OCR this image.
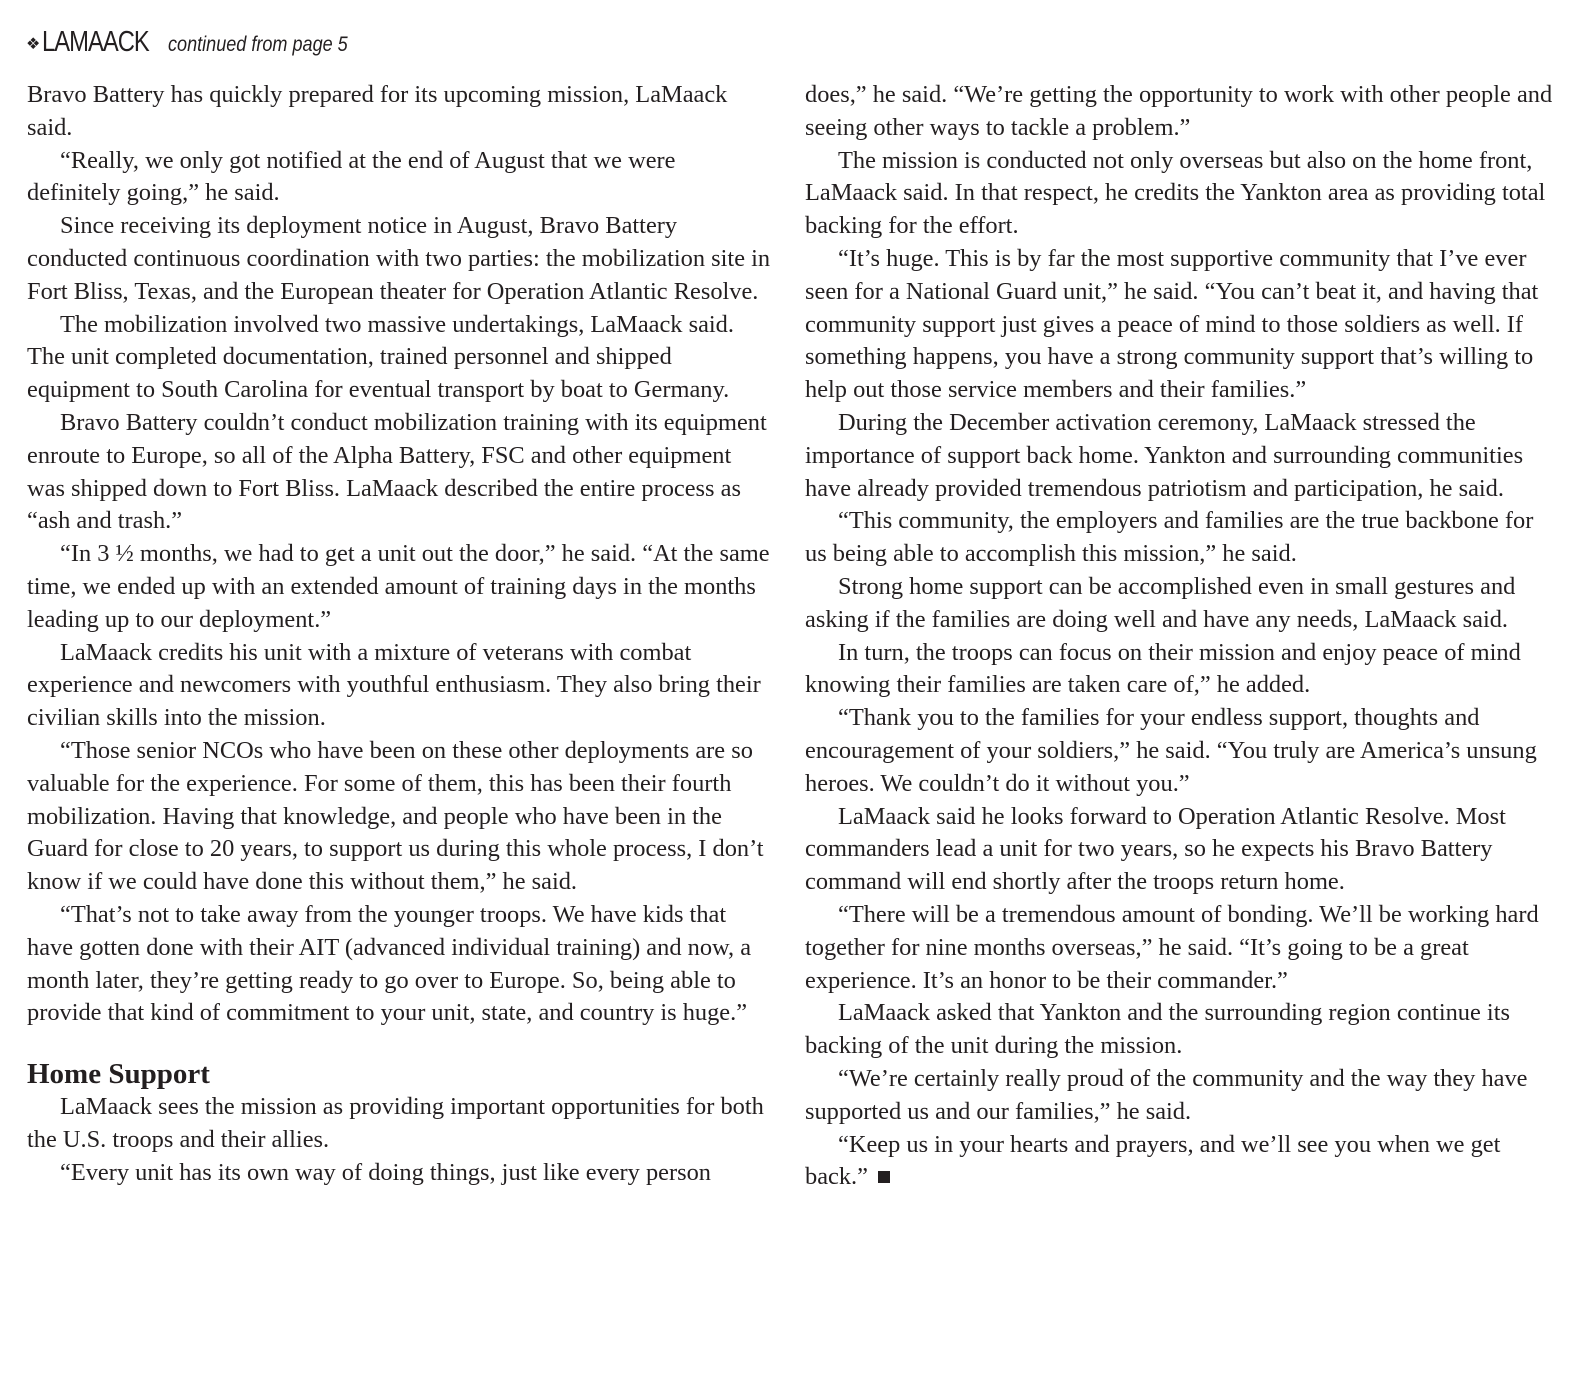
❖ LAMAACK continued from page 5

Bravo Battery has quickly prepared for its upcoming mission, LaMaack said.

“Really, we only got notified at the end of August that we were definitely going,” he said.

Since receiving its deployment notice in August, Bravo Battery conducted continuous coordination with two parties: the mobilization site in Fort Bliss, Texas, and the European theater for Operation Atlantic Resolve.

The mobilization involved two massive undertakings, LaMaack said. The unit completed documentation, trained personnel and shipped equipment to South Carolina for eventual transport by boat to Germany.

Bravo Battery couldn’t conduct mobilization training with its equipment enroute to Europe, so all of the Alpha Battery, FSC and other equipment was shipped down to Fort Bliss. LaMaack described the entire process as “ash and trash.”

“In 3 ½ months, we had to get a unit out the door,” he said. “At the same time, we ended up with an extended amount of training days in the months leading up to our deployment.”

LaMaack credits his unit with a mixture of veterans with combat experience and newcomers with youthful enthusiasm. They also bring their civilian skills into the mission.

“Those senior NCOs who have been on these other deployments are so valuable for the experience. For some of them, this has been their fourth mobilization. Having that knowledge, and people who have been in the Guard for close to 20 years, to support us during this whole process, I don’t know if we could have done this without them,” he said.

“That’s not to take away from the younger troops. We have kids that have gotten done with their AIT (advanced individual training) and now, a month later, they’re getting ready to go over to Europe. So, being able to provide that kind of commitment to your unit, state, and country is huge.”

Home Support

LaMaack sees the mission as providing important opportunities for both the U.S. troops and their allies.

“Every unit has its own way of doing things, just like every person

does,” he said. “We’re getting the opportunity to work with other people and seeing other ways to tackle a problem.”

The mission is conducted not only overseas but also on the home front, LaMaack said. In that respect, he credits the Yankton area as providing total backing for the effort.

“It’s huge. This is by far the most supportive community that I’ve ever seen for a National Guard unit,” he said. “You can’t beat it, and having that community support just gives a peace of mind to those soldiers as well. If something happens, you have a strong community support that’s willing to help out those service members and their families.”

During the December activation ceremony, LaMaack stressed the importance of support back home. Yankton and surrounding communities have already provided tremendous patriotism and participation, he said.

“This community, the employers and families are the true backbone for us being able to accomplish this mission,” he said.

Strong home support can be accomplished even in small gestures and asking if the families are doing well and have any needs, LaMaack said.

In turn, the troops can focus on their mission and enjoy peace of mind knowing their families are taken care of,” he added.

“Thank you to the families for your endless support, thoughts and encouragement of your soldiers,” he said. “You truly are America’s unsung heroes. We couldn’t do it without you.”

LaMaack said he looks forward to Operation Atlantic Resolve. Most commanders lead a unit for two years, so he expects his Bravo Battery command will end shortly after the troops return home.

“There will be a tremendous amount of bonding. We’ll be working hard together for nine months overseas,” he said. “It’s going to be a great experience. It’s an honor to be their commander.”

LaMaack asked that Yankton and the surrounding region continue its backing of the unit during the mission.

“We’re certainly really proud of the community and the way they have supported us and our families,” he said.

“Keep us in your hearts and prayers, and we’ll see you when we get back.”
